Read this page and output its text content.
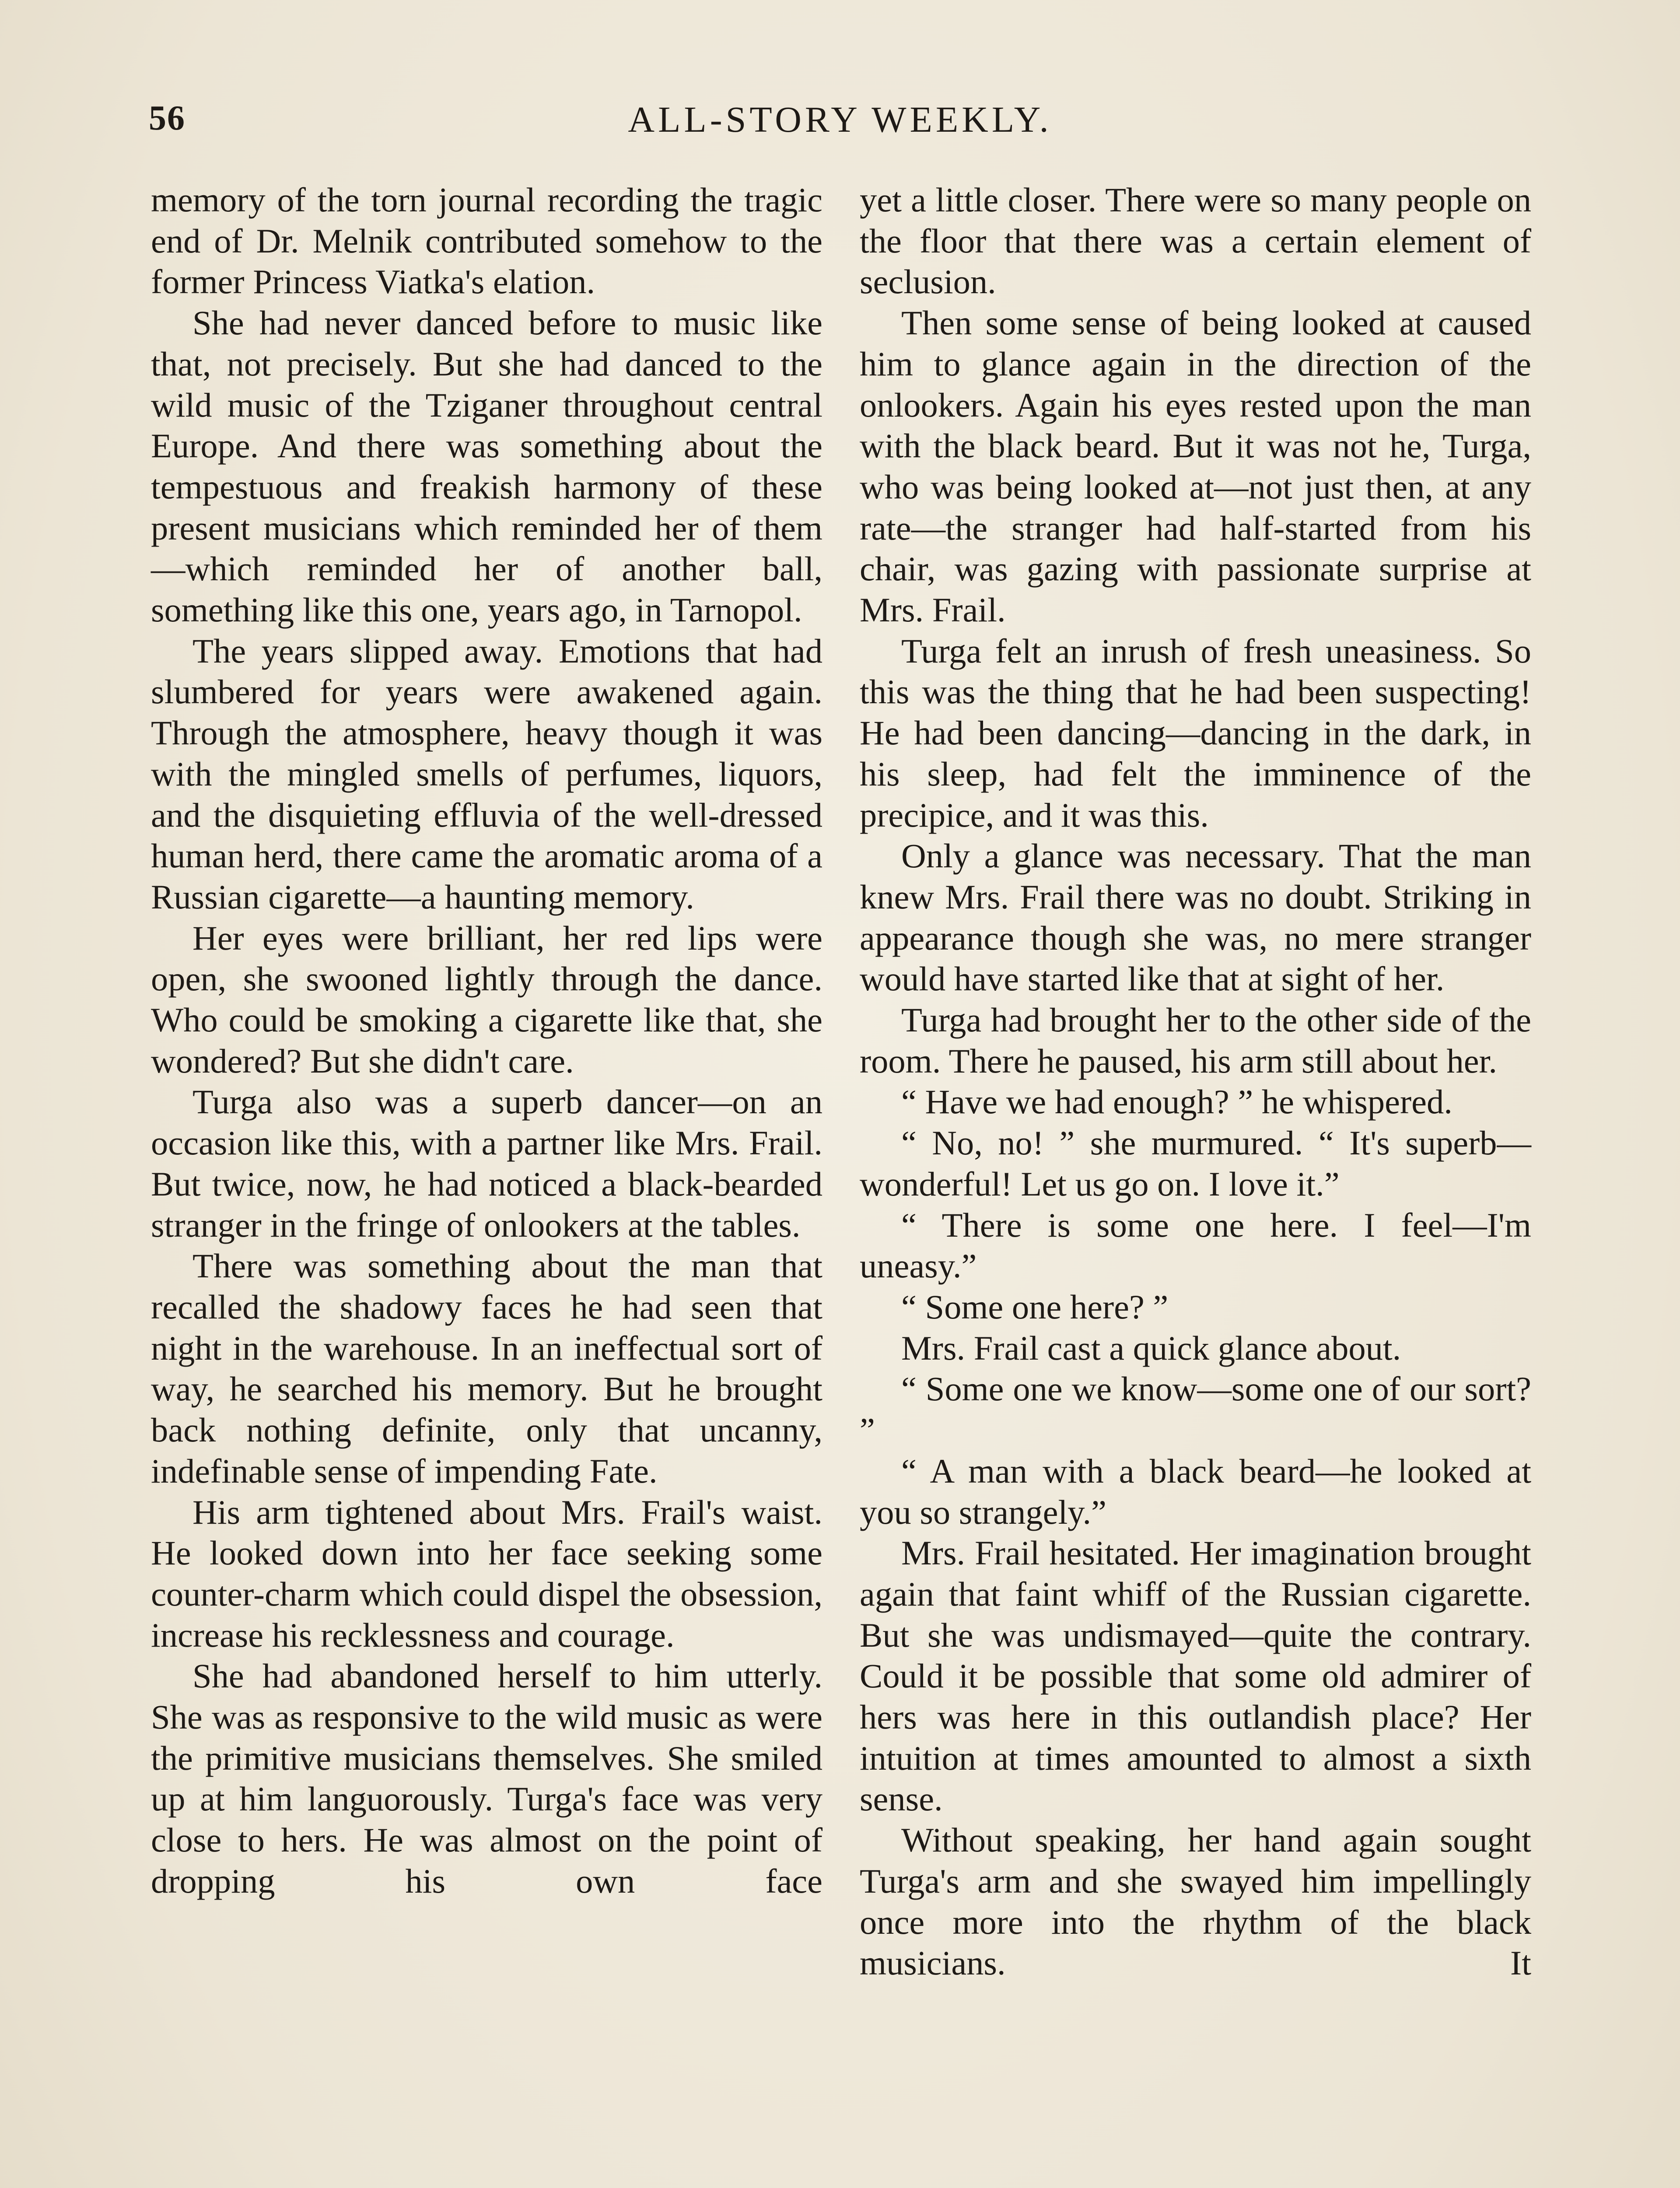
56	ALL-STORY WEEKLY.

memory of the torn journal recording the tragic end of Dr. Melnik contributed somehow to the former Princess Viatka's elation.

She had never danced before to music like that, not precisely. But she had danced to the wild music of the Tziganer throughout central Europe. And there was something about the tempestuous and freakish harmony of these present musicians which reminded her of them—which reminded her of another ball, something like this one, years ago, in Tarnopol.

The years slipped away. Emotions that had slumbered for years were awakened again. Through the atmosphere, heavy though it was with the mingled smells of perfumes, liquors, and the disquieting effluvia of the well-dressed human herd, there came the aromatic aroma of a Russian cigarette—a haunting memory.

Her eyes were brilliant, her red lips were open, she swooned lightly through the dance. Who could be smoking a cigarette like that, she wondered? But she didn't care.

Turga also was a superb dancer—on an occasion like this, with a partner like Mrs. Frail. But twice, now, he had noticed a black-bearded stranger in the fringe of onlookers at the tables.

There was something about the man that recalled the shadowy faces he had seen that night in the warehouse. In an ineffectual sort of way, he searched his memory. But he brought back nothing definite, only that uncanny, indefinable sense of impending Fate.

His arm tightened about Mrs. Frail's waist. He looked down into her face seeking some counter-charm which could dispel the obsession, increase his recklessness and courage.

She had abandoned herself to him utterly. She was as responsive to the wild music as were the primitive musicians themselves. She smiled up at him languorously. Turga's face was very close to hers. He was almost on the point of dropping his own face

yet a little closer. There were so many people on the floor that there was a certain element of seclusion.

Then some sense of being looked at caused him to glance again in the direction of the onlookers. Again his eyes rested upon the man with the black beard. But it was not he, Turga, who was being looked at—not just then, at any rate—the stranger had half-started from his chair, was gazing with passionate surprise at Mrs. Frail.

Turga felt an inrush of fresh uneasiness. So this was the thing that he had been suspecting! He had been dancing—dancing in the dark, in his sleep, had felt the imminence of the precipice, and it was this.

Only a glance was necessary. That the man knew Mrs. Frail there was no doubt. Striking in appearance though she was, no mere stranger would have started like that at sight of her.

Turga had brought her to the other side of the room. There he paused, his arm still about her.

“ Have we had enough? ” he whispered.

“ No, no! ” she murmured. “ It's superb—wonderful! Let us go on. I love it.”

“ There is some one here. I feel—I'm uneasy.”

“ Some one here? ”

Mrs. Frail cast a quick glance about.

“ Some one we know—some one of our sort? ”

“ A man with a black beard—he looked at you so strangely.”

Mrs. Frail hesitated. Her imagination brought again that faint whiff of the Russian cigarette. But she was undismayed—quite the contrary. Could it be possible that some old admirer of hers was here in this outlandish place? Her intuition at times amounted to almost a sixth sense.

Without speaking, her hand again sought Turga's arm and she swayed him impellingly once more into the rhythm of the black musicians. It
